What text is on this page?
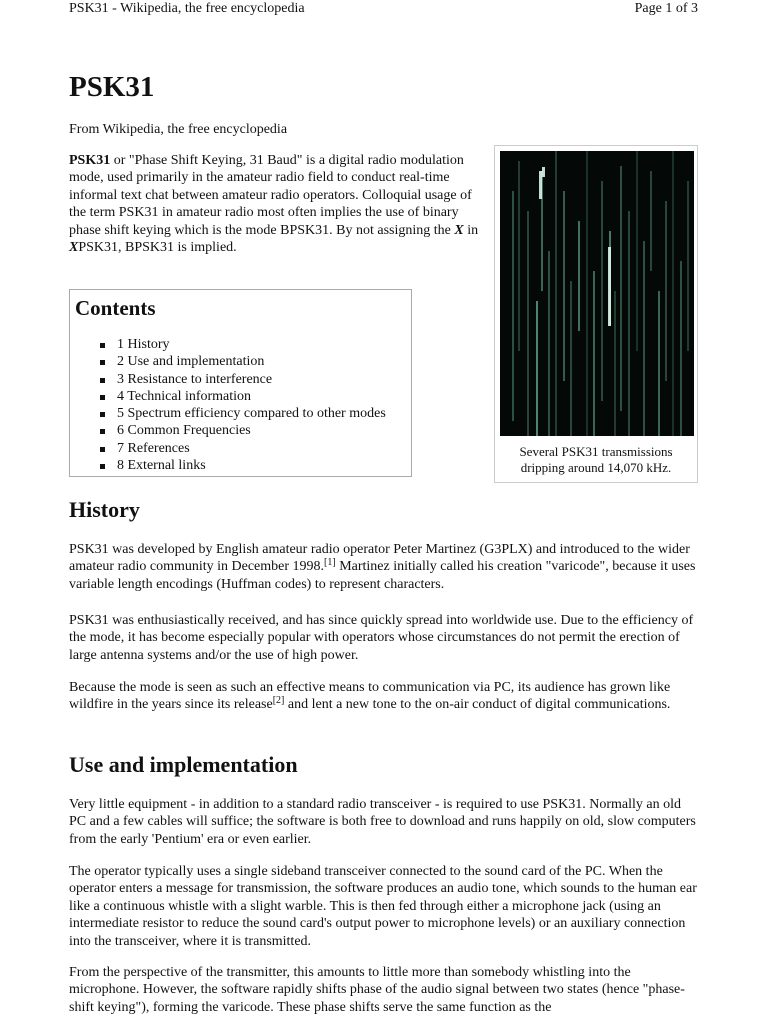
PSK31 - Wikipedia, the free encyclopedia	Page 1 of 3
PSK31
From Wikipedia, the free encyclopedia

PSK31 or "Phase Shift Keying, 31 Baud" is a digital radio modulation mode, used primarily in the amateur radio field to conduct real-time informal text chat between amateur radio operators. Colloquial usage of the term PSK31 in amateur radio most often implies the use of binary phase shift keying which is the mode BPSK31. By not assigning the X in XPSK31, BPSK31 is implied.

Contents
1 History
2 Use and implementation
3 Resistance to interference
4 Technical information
5 Spectrum efficiency compared to other modes
6 Common Frequencies
7 References
8 External links
Several PSK31 transmissions
dripping around 14,070 kHz.
History

PSK31 was developed by English amateur radio operator Peter Martinez (G3PLX) and introduced to the wider amateur radio community in December 1998.[1] Martinez initially called his creation "varicode", because it uses variable length encodings (Huffman codes) to represent characters.

PSK31 was enthusiastically received, and has since quickly spread into worldwide use. Due to the efficiency of the mode, it has become especially popular with operators whose circumstances do not permit the erection of large antenna systems and/or the use of high power.

Because the mode is seen as such an effective means to communication via PC, its audience has grown like wildfire in the years since its release[2] and lent a new tone to the on-air conduct of digital communications.

Use and implementation

Very little equipment - in addition to a standard radio transceiver - is required to use PSK31. Normally an old PC and a few cables will suffice; the software is both free to download and runs happily on old, slow computers from the early 'Pentium' era or even earlier.

The operator typically uses a single sideband transceiver connected to the sound card of the PC. When the operator enters a message for transmission, the software produces an audio tone, which sounds to the human ear like a continuous whistle with a slight warble. This is then fed through either a microphone jack (using an intermediate resistor to reduce the sound card's output power to microphone levels) or an auxiliary connection into the transceiver, where it is transmitted.

From the perspective of the transmitter, this amounts to little more than somebody whistling into the microphone. However, the software rapidly shifts phase of the audio signal between two states (hence "phase-shift keying"), forming the varicode. These phase shifts serve the same function as the
